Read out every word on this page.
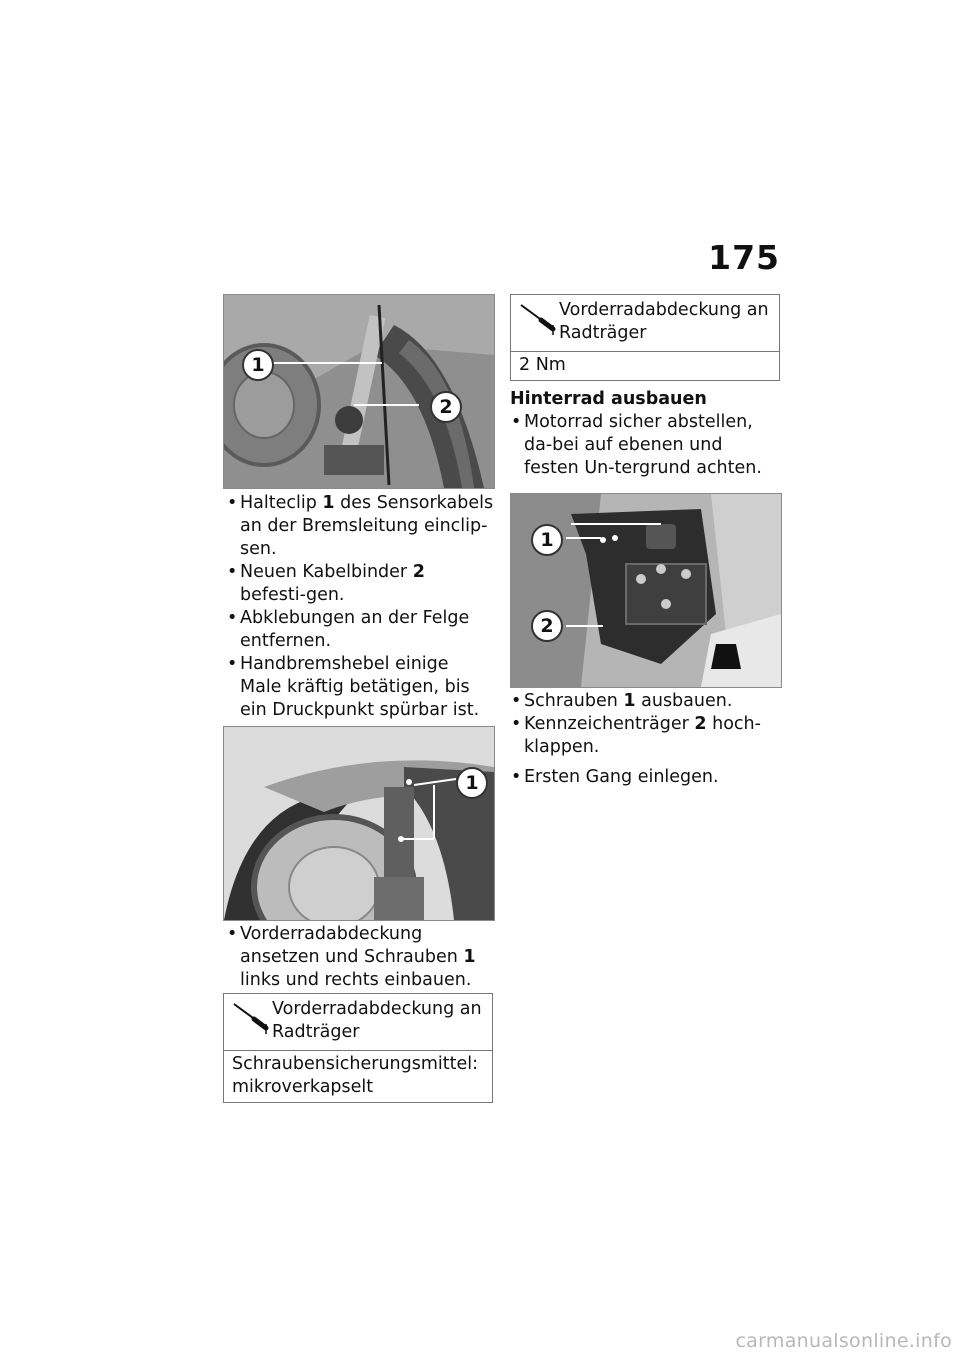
175
1
2
• Halteclip 1 des Sensorkabels an der Bremsleitung einclip-sen.
• Neuen Kabelbinder 2 befesti-gen.
• Abklebungen an der Felge entfernen.
• Handbremshebel einige Male kräftig betätigen, bis ein Druckpunkt spürbar ist.
1
• Vorderradabdeckung ansetzen und Schrauben 1 links und rechts einbauen.
Vorderradabdeckung an Radträger
Schraubensicherungsmittel: mikroverkapselt
Vorderradabdeckung an Radträger
2 Nm
Hinterrad ausbauen
• Motorrad sicher abstellen, da-bei auf ebenen und festen Un-tergrund achten.
1
2
• Schrauben 1 ausbauen.
• Kennzeichenträger 2 hoch-klappen.
• Ersten Gang einlegen.
carmanualsonline.info
